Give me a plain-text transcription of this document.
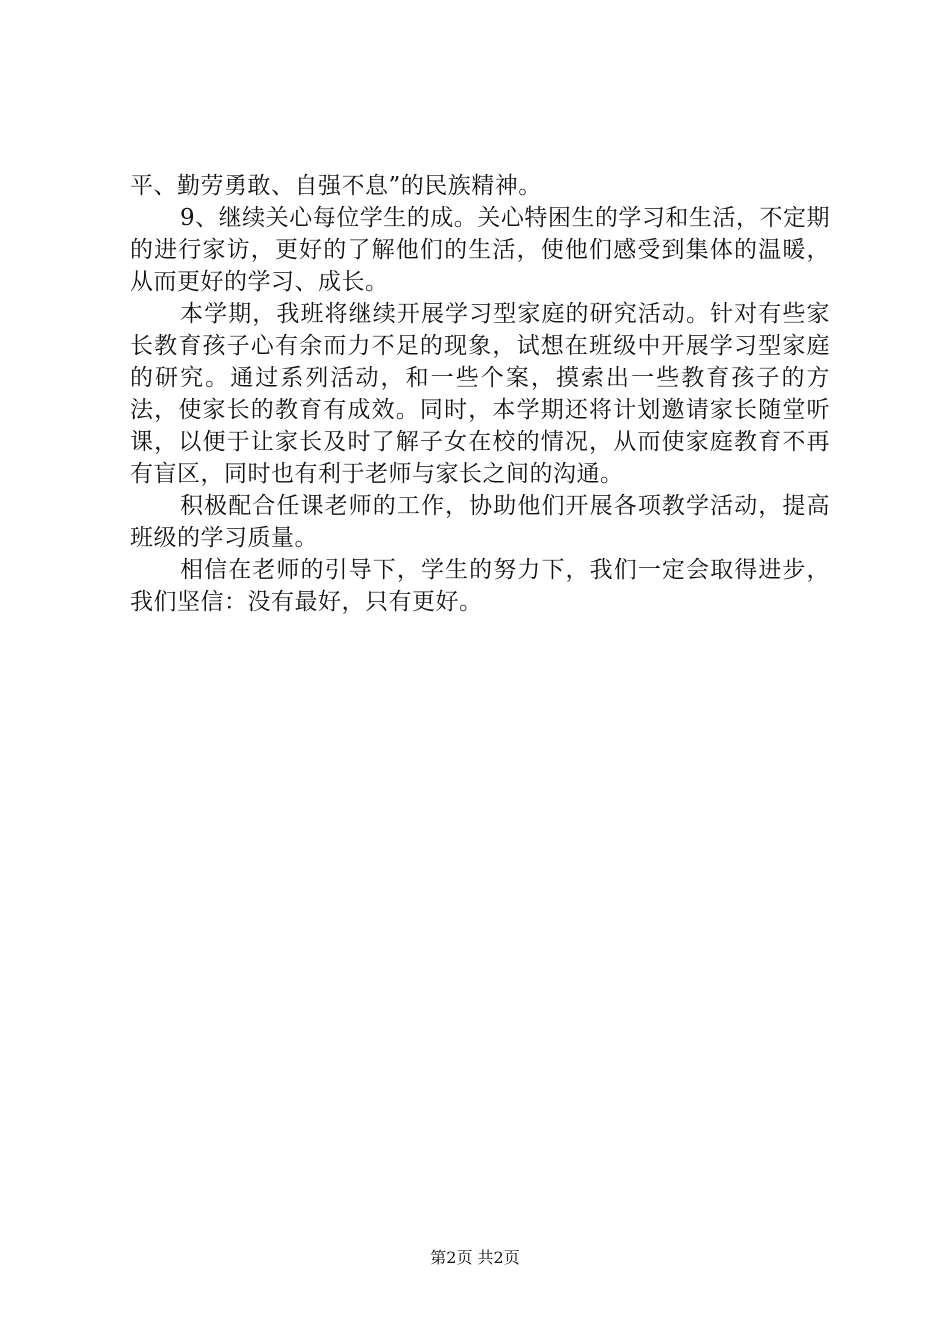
平、勤劳勇敢、自强不息”的民族精神。

9、继续关心每位学生的成。关心特困生的学习和生活，不定期的进行家访，更好的了解他们的生活，使他们感受到集体的温暖，从而更好的学习、成长。

本学期，我班将继续开展学习型家庭的研究活动。针对有些家长教育孩子心有余而力不足的现象，试想在班级中开展学习型家庭的研究。通过系列活动，和一些个案，摸索出一些教育孩子的方法，使家长的教育有成效。同时，本学期还将计划邀请家长随堂听课，以便于让家长及时了解子女在校的情况，从而使家庭教育不再有盲区，同时也有利于老师与家长之间的沟通。

积极配合任课老师的工作，协助他们开展各项教学活动，提高班级的学习质量。

相信在老师的引导下，学生的努力下，我们一定会取得进步，我们坚信：没有最好，只有更好。

第2页 共2页
